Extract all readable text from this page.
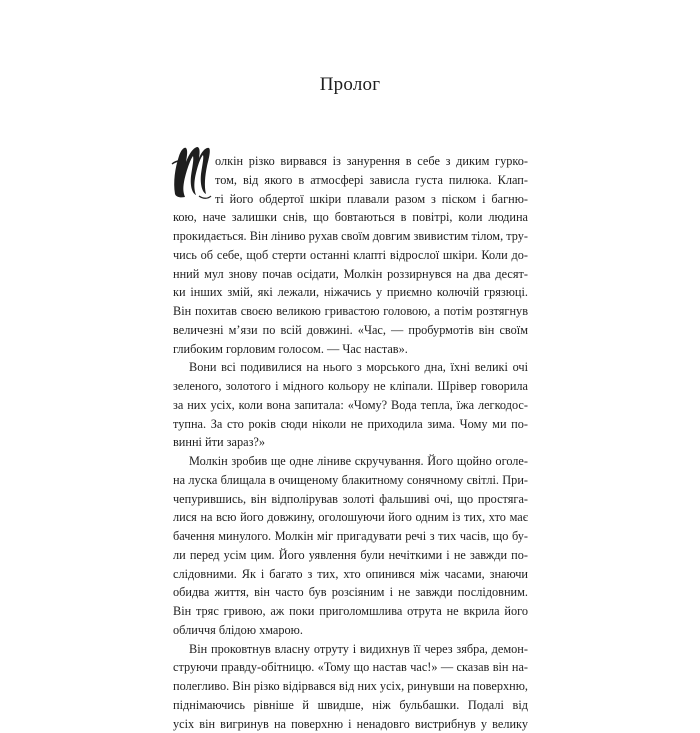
Пролог
олкін різко вирвався із занурення в себе з диким гурко-
том, від якого в атмосфері зависла густа пилюка. Клап-
ті його обдертої шкіри плавали разом з піском і багню-
кою, наче залишки снів, що бовтаються в повітрі, коли людина
прокидається. Він ліниво рухав своїм довгим звивистим тілом, тру-
чись об себе, щоб стерти останні клапті відрослої шкіри. Коли до-
нний мул знову почав осідати, Молкін роззирнувся на два десят-
ки інших змій, які лежали, ніжачись у приємно колючій грязюці.
Він похитав своєю великою гривастою головою, а потім розтягнув
величезні м’язи по всій довжині. «Час, — пробурмотів він своїм
глибоким горловим голосом. — Час настав».
Вони всі подивилися на нього з морського дна, їхні великі очі
зеленого, золотого і мідного кольору не кліпали. Шрівер говорила
за них усіх, коли вона запитала: «Чому? Вода тепла, їжа легкодос-
тупна. За сто років сюди ніколи не приходила зима. Чому ми по-
винні йти зараз?»
Молкін зробив ще одне ліниве скручування. Його щойно оголе-
на луска блищала в очищеному блакитному сонячному світлі. При-
чепурившись, він відполірував золоті фальшиві очі, що простяга-
лися на всю його довжину, оголошуючи його одним із тих, хто має
бачення минулого. Молкін міг пригадувати речі з тих часів, що бу-
ли перед усім цим. Його уявлення були нечіткими і не завжди по-
слідовними. Як і багато з тих, хто опинився між часами, знаючи
обидва життя, він часто був розсіяним і не завжди послідовним.
Він тряс гривою, аж поки приголомшлива отрута не вкрила його
обличчя блідою хмарою.
Він проковтнув власну отруту і видихнув її через зябра, демон-
струючи правду-обітницю. «Тому що настав час!» — сказав він на-
полегливо. Він різко відірвався від них усіх, ринувши на поверхню,
піднімаючись рівніше й швидше, ніж бульбашки. Подалі від
усіх він вигринув на поверхню і ненадовго вистрибнув у велику
